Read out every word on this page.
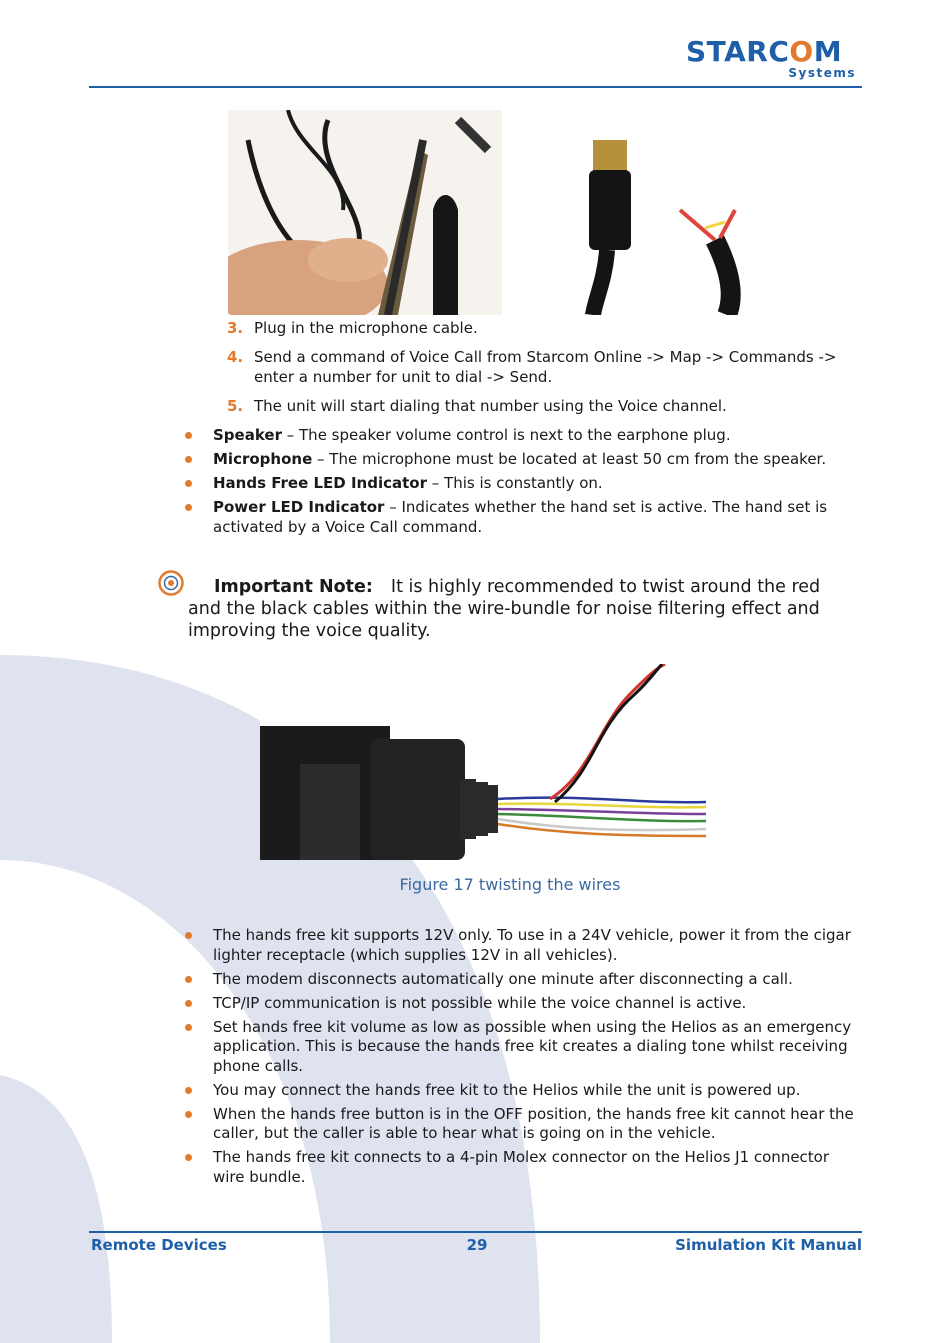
STARCOM
Systems
3. Plug in the microphone cable.
4. Send a command of Voice Call from Starcom Online -> Map -> Commands -> enter a number for unit to dial -> Send.
5. The unit will start dialing that number using the Voice channel.
Speaker – The speaker volume control is next to the earphone plug.
Microphone – The microphone must be located at least 50 cm from the speaker.
Hands Free LED Indicator – This is constantly on.
Power LED Indicator – Indicates whether the hand set is active. The hand set is activated by a Voice Call command.
Important Note: It is highly recommended to twist around the red and the black cables within the wire-bundle for noise filtering effect and improving the voice quality.
Figure 17 twisting the wires
The hands free kit supports 12V only. To use in a 24V vehicle, power it from the cigar lighter receptacle (which supplies 12V in all vehicles).
The modem disconnects automatically one minute after disconnecting a call.
TCP/IP communication is not possible while the voice channel is active.
Set hands free kit volume as low as possible when using the Helios as an emergency application. This is because the hands free kit creates a dialing tone whilst receiving phone calls.
You may connect the hands free kit to the Helios while the unit is powered up.
When the hands free button is in the OFF position, the hands free kit cannot hear the caller, but the caller is able to hear what is going on in the vehicle.
The hands free kit connects to a 4-pin Molex connector on the Helios J1 connector wire bundle.
Remote Devices	29	Simulation Kit Manual
